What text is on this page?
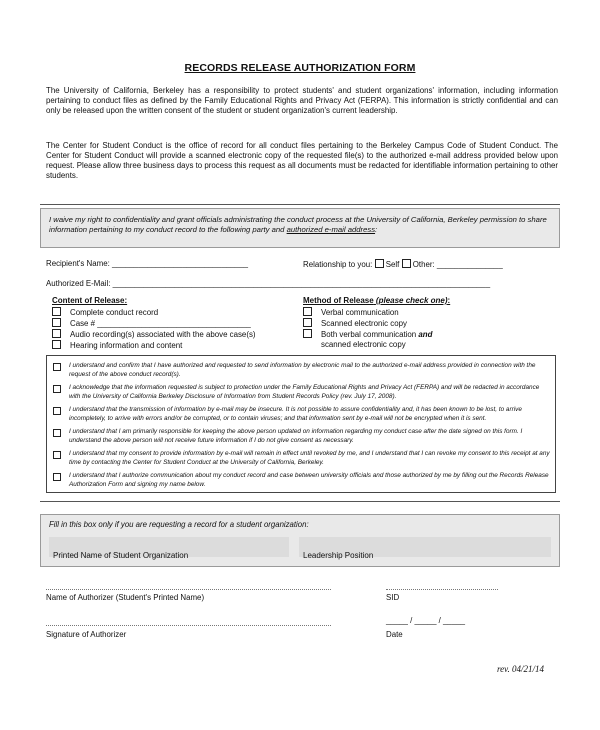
RECORDS RELEASE AUTHORIZATION FORM
The University of California, Berkeley has a responsibility to protect students' and student organizations' information, including information pertaining to conduct files as defined by the Family Educational Rights and Privacy Act (FERPA). This information is strictly confidential and can only be released upon the written consent of the student or student organization's current leadership.
The Center for Student Conduct is the office of record for all conduct files pertaining to the Berkeley Campus Code of Student Conduct. The Center for Student Conduct will provide a scanned electronic copy of the requested file(s) to the authorized e-mail address provided below upon request. Please allow three business days to process this request as all documents must be redacted for identifiable information pertaining to other students.
I waive my right to confidentiality and grant officials administrating the conduct process at the University of California, Berkeley permission to share information pertaining to my conduct record to the following party and authorized e-mail address:
Recipient's Name: _______________________________	Relationship to you: Self Other: _______________
Authorized E-Mail: ______________________________________________________________________________________
Content of Release:	Method of Release (please check one):
Complete conduct record
Case # ___________________________________
Audio recording(s) associated with the above case(s)
Hearing information and content
Verbal communication
Scanned electronic copy
Both verbal communication and
scanned electronic copy
I understand and confirm that I have authorized and requested to send information by electronic mail to the authorized e-mail address provided in connection with the request of the above conduct record(s).
I acknowledge that the information requested is subject to protection under the Family Educational Rights and Privacy Act (FERPA) and will be redacted in accordance with the University of California Berkeley Disclosure of Information from Student Records Policy (rev. July 17, 2008).
I understand that the transmission of information by e-mail may be insecure. It is not possible to assure confidentiality and, it has been known to be lost, to arrive incompletely, to arrive with errors and/or be corrupted, or to contain viruses; and that information sent by e-mail will not be encrypted when it is sent.
I understand that I am primarily responsible for keeping the above person updated on information regarding my conduct case after the date signed on this form. I understand the above person will not receive future information if I do not give consent as necessary.
I understand that my consent to provide information by e-mail will remain in effect until revoked by me, and I understand that I can revoke my consent to this receipt at any time by contacting the Center for Student Conduct at the University of California, Berkeley.
I understand that I authorize communication about my conduct record and case between university officials and those authorized by me by filling out the Records Release Authorization Form and signing my name below.
Fill in this box only if you are requesting a record for a student organization:
Printed Name of Student Organization	Leadership Position
Name of Authorizer (Student's Printed Name)	SID
_____ / _____ / _____
Signature of Authorizer	Date
rev. 04/21/14
